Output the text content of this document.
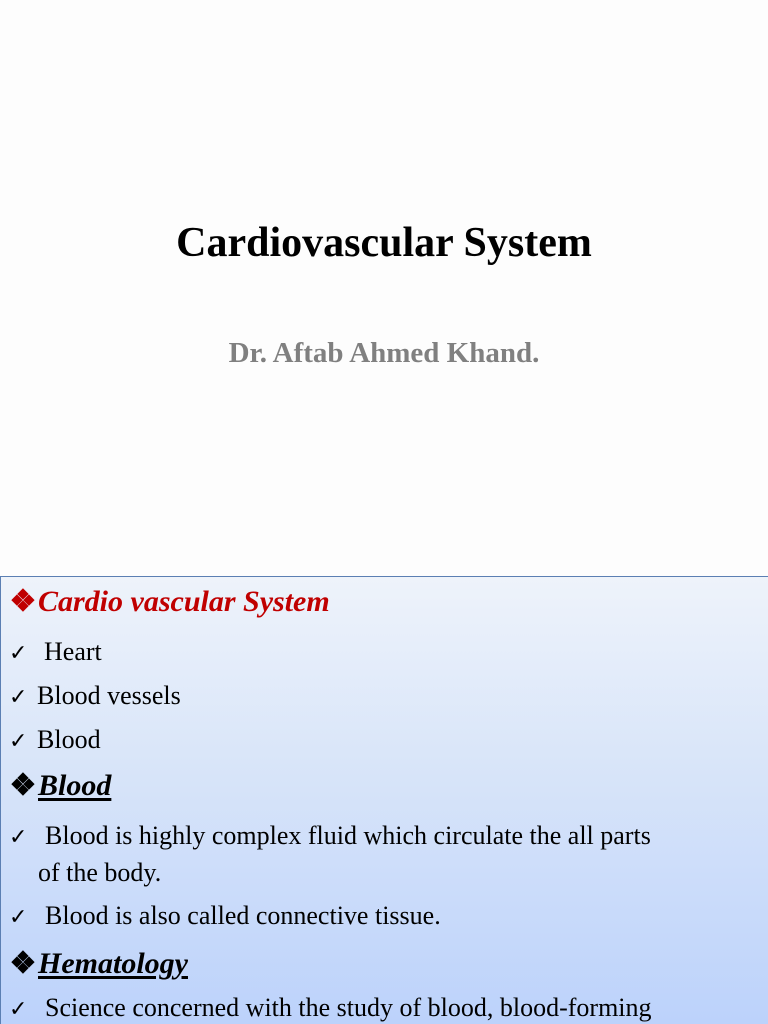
Cardiovascular System
Dr. Aftab Ahmed Khand.
❖Cardio vascular System
✓ Heart
✓ Blood vessels
✓ Blood
❖Blood
✓ Blood is highly complex fluid which circulate the all parts
of the body.
✓ Blood is also called connective tissue.
❖Hematology
✓ Science concerned with the study of blood, blood-forming
